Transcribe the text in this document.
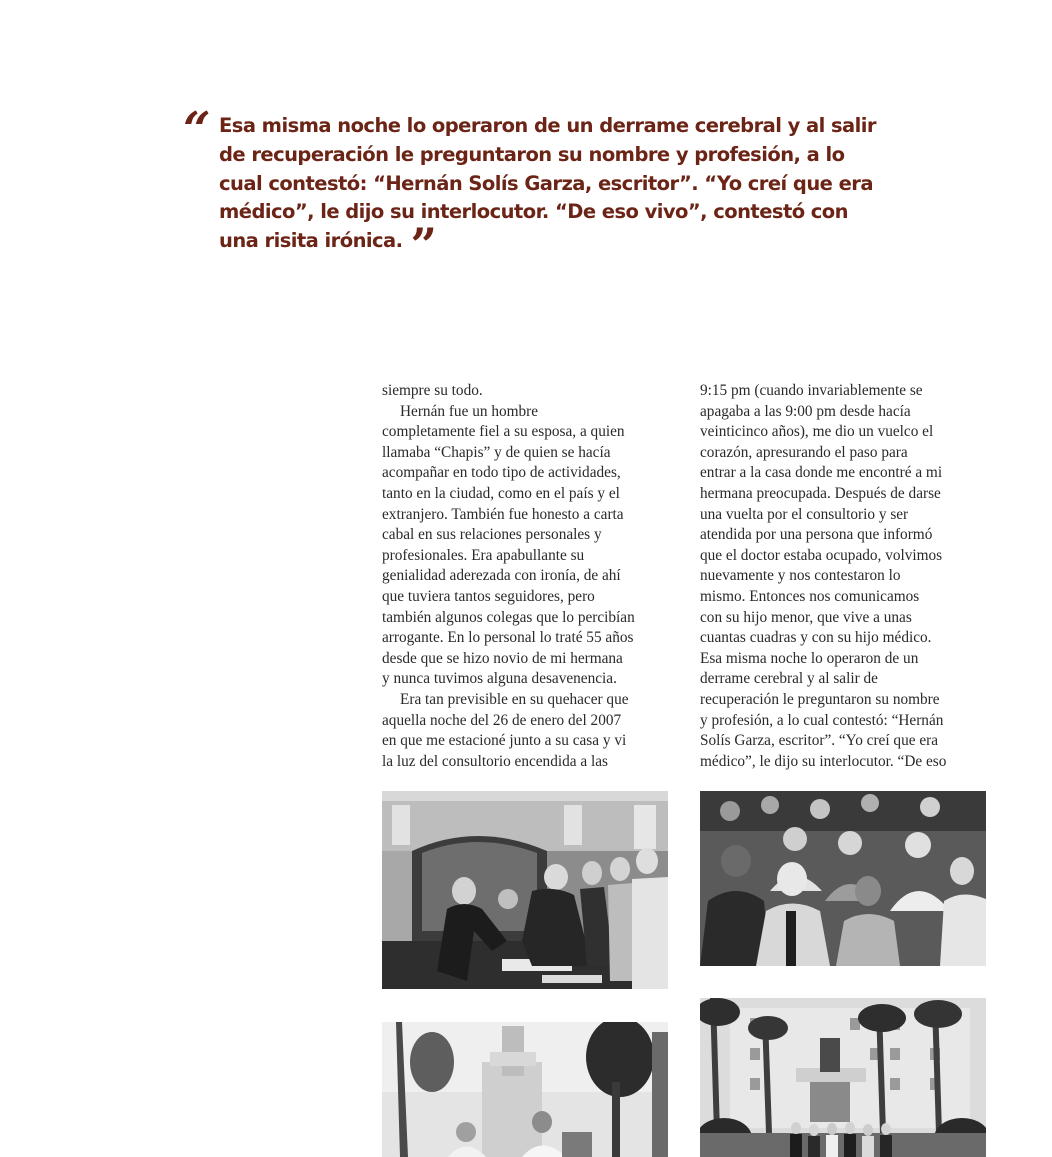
“ Esa misma noche lo operaron de un derrame cerebral y al salir
de recuperación le preguntaron su nombre y profesión, a lo
cual contestó: “Hernán Solís Garza, escritor”. “Yo creí que era
médico”, le dijo su interlocutor. “De eso vivo”, contestó con
una risita irónica. ”
siempre su todo.
Hernán fue un hombre
completamente fiel a su esposa, a quien
llamaba “Chapis” y de quien se hacía
acompañar en todo tipo de actividades,
tanto en la ciudad, como en el país y el
extranjero. También fue honesto a carta
cabal en sus relaciones personales y
profesionales. Era apabullante su
genialidad aderezada con ironía, de ahí
que tuviera tantos seguidores, pero
también algunos colegas que lo percibían
arrogante. En lo personal lo traté 55 años
desde que se hizo novio de mi hermana
y nunca tuvimos alguna desavenencia.
Era tan previsible en su quehacer que
aquella noche del 26 de enero del 2007
en que me estacioné junto a su casa y vi
la luz del consultorio encendida a las
9:15 pm (cuando invariablemente se
apagaba a las 9:00 pm desde hacía
veinticinco años), me dio un vuelco el
corazón, apresurando el paso para
entrar a la casa donde me encontré a mi
hermana preocupada. Después de darse
una vuelta por el consultorio y ser
atendida por una persona que informó
que el doctor estaba ocupado, volvimos
nuevamente y nos contestaron lo
mismo. Entonces nos comunicamos
con su hijo menor, que vive a unas
cuantas cuadras y con su hijo médico.
Esa misma noche lo operaron de un
derrame cerebral y al salir de
recuperación le preguntaron su nombre
y profesión, a lo cual contestó: “Hernán
Solís Garza, escritor”. “Yo creí que era
médico”, le dijo su interlocutor. “De eso
